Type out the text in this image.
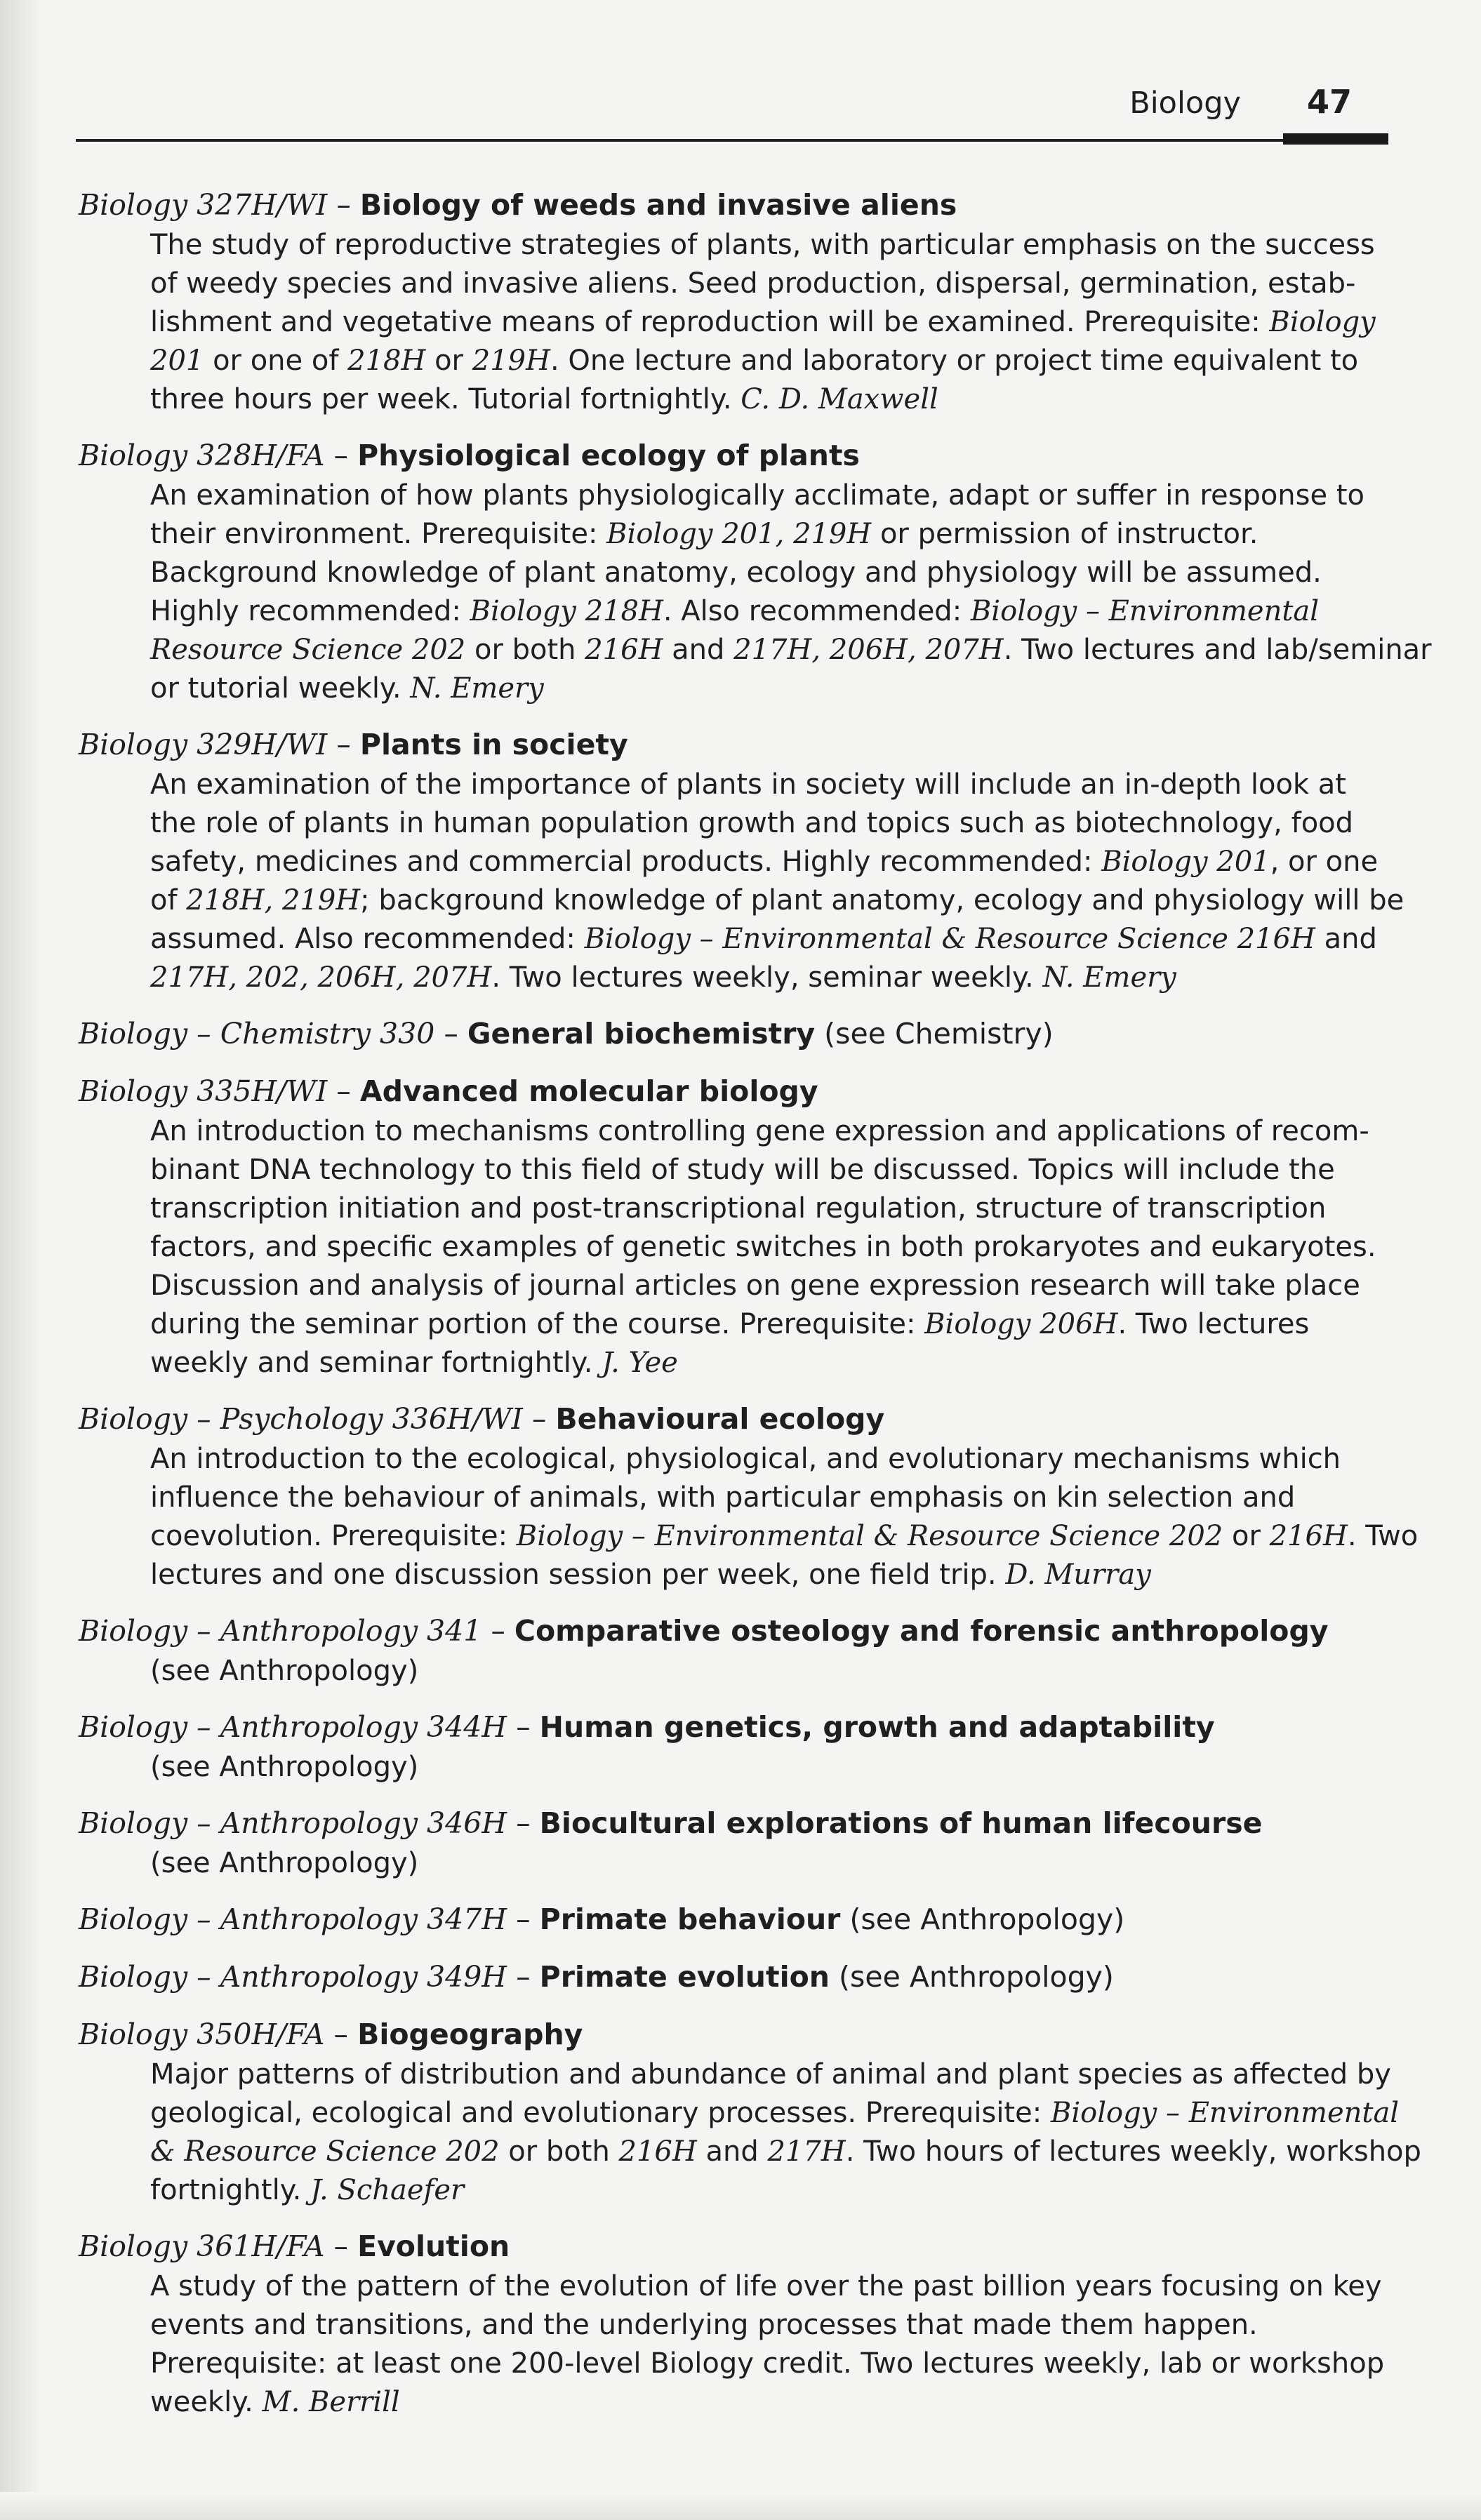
Biology 47
Biology 327H/WI – Biology of weeds and invasive aliens
The study of reproductive strategies of plants, with particular emphasis on the success
of weedy species and invasive aliens. Seed production, dispersal, germination, estab-
lishment and vegetative means of reproduction will be examined. Prerequisite: Biology
201 or one of 218H or 219H. One lecture and laboratory or project time equivalent to
three hours per week. Tutorial fortnightly. C. D. Maxwell
Biology 328H/FA – Physiological ecology of plants
An examination of how plants physiologically acclimate, adapt or suffer in response to
their environment. Prerequisite: Biology 201, 219H or permission of instructor.
Background knowledge of plant anatomy, ecology and physiology will be assumed.
Highly recommended: Biology 218H. Also recommended: Biology – Environmental
Resource Science 202 or both 216H and 217H, 206H, 207H. Two lectures and lab/seminar
or tutorial weekly. N. Emery
Biology 329H/WI – Plants in society
An examination of the importance of plants in society will include an in-depth look at
the role of plants in human population growth and topics such as biotechnology, food
safety, medicines and commercial products. Highly recommended: Biology 201, or one
of 218H, 219H; background knowledge of plant anatomy, ecology and physiology will be
assumed. Also recommended: Biology – Environmental & Resource Science 216H and
217H, 202, 206H, 207H. Two lectures weekly, seminar weekly. N. Emery
Biology – Chemistry 330 – General biochemistry (see Chemistry)
Biology 335H/WI – Advanced molecular biology
An introduction to mechanisms controlling gene expression and applications of recom-
binant DNA technology to this field of study will be discussed. Topics will include the
transcription initiation and post-transcriptional regulation, structure of transcription
factors, and specific examples of genetic switches in both prokaryotes and eukaryotes.
Discussion and analysis of journal articles on gene expression research will take place
during the seminar portion of the course. Prerequisite: Biology 206H. Two lectures
weekly and seminar fortnightly. J. Yee
Biology – Psychology 336H/WI – Behavioural ecology
An introduction to the ecological, physiological, and evolutionary mechanisms which
influence the behaviour of animals, with particular emphasis on kin selection and
coevolution. Prerequisite: Biology – Environmental & Resource Science 202 or 216H. Two
lectures and one discussion session per week, one field trip. D. Murray
Biology – Anthropology 341 – Comparative osteology and forensic anthropology
(see Anthropology)
Biology – Anthropology 344H – Human genetics, growth and adaptability
(see Anthropology)
Biology – Anthropology 346H – Biocultural explorations of human lifecourse
(see Anthropology)
Biology – Anthropology 347H – Primate behaviour (see Anthropology)
Biology – Anthropology 349H – Primate evolution (see Anthropology)
Biology 350H/FA – Biogeography
Major patterns of distribution and abundance of animal and plant species as affected by
geological, ecological and evolutionary processes. Prerequisite: Biology – Environmental
& Resource Science 202 or both 216H and 217H. Two hours of lectures weekly, workshop
fortnightly. J. Schaefer
Biology 361H/FA – Evolution
A study of the pattern of the evolution of life over the past billion years focusing on key
events and transitions, and the underlying processes that made them happen.
Prerequisite: at least one 200-level Biology credit. Two lectures weekly, lab or workshop
weekly. M. Berrill
